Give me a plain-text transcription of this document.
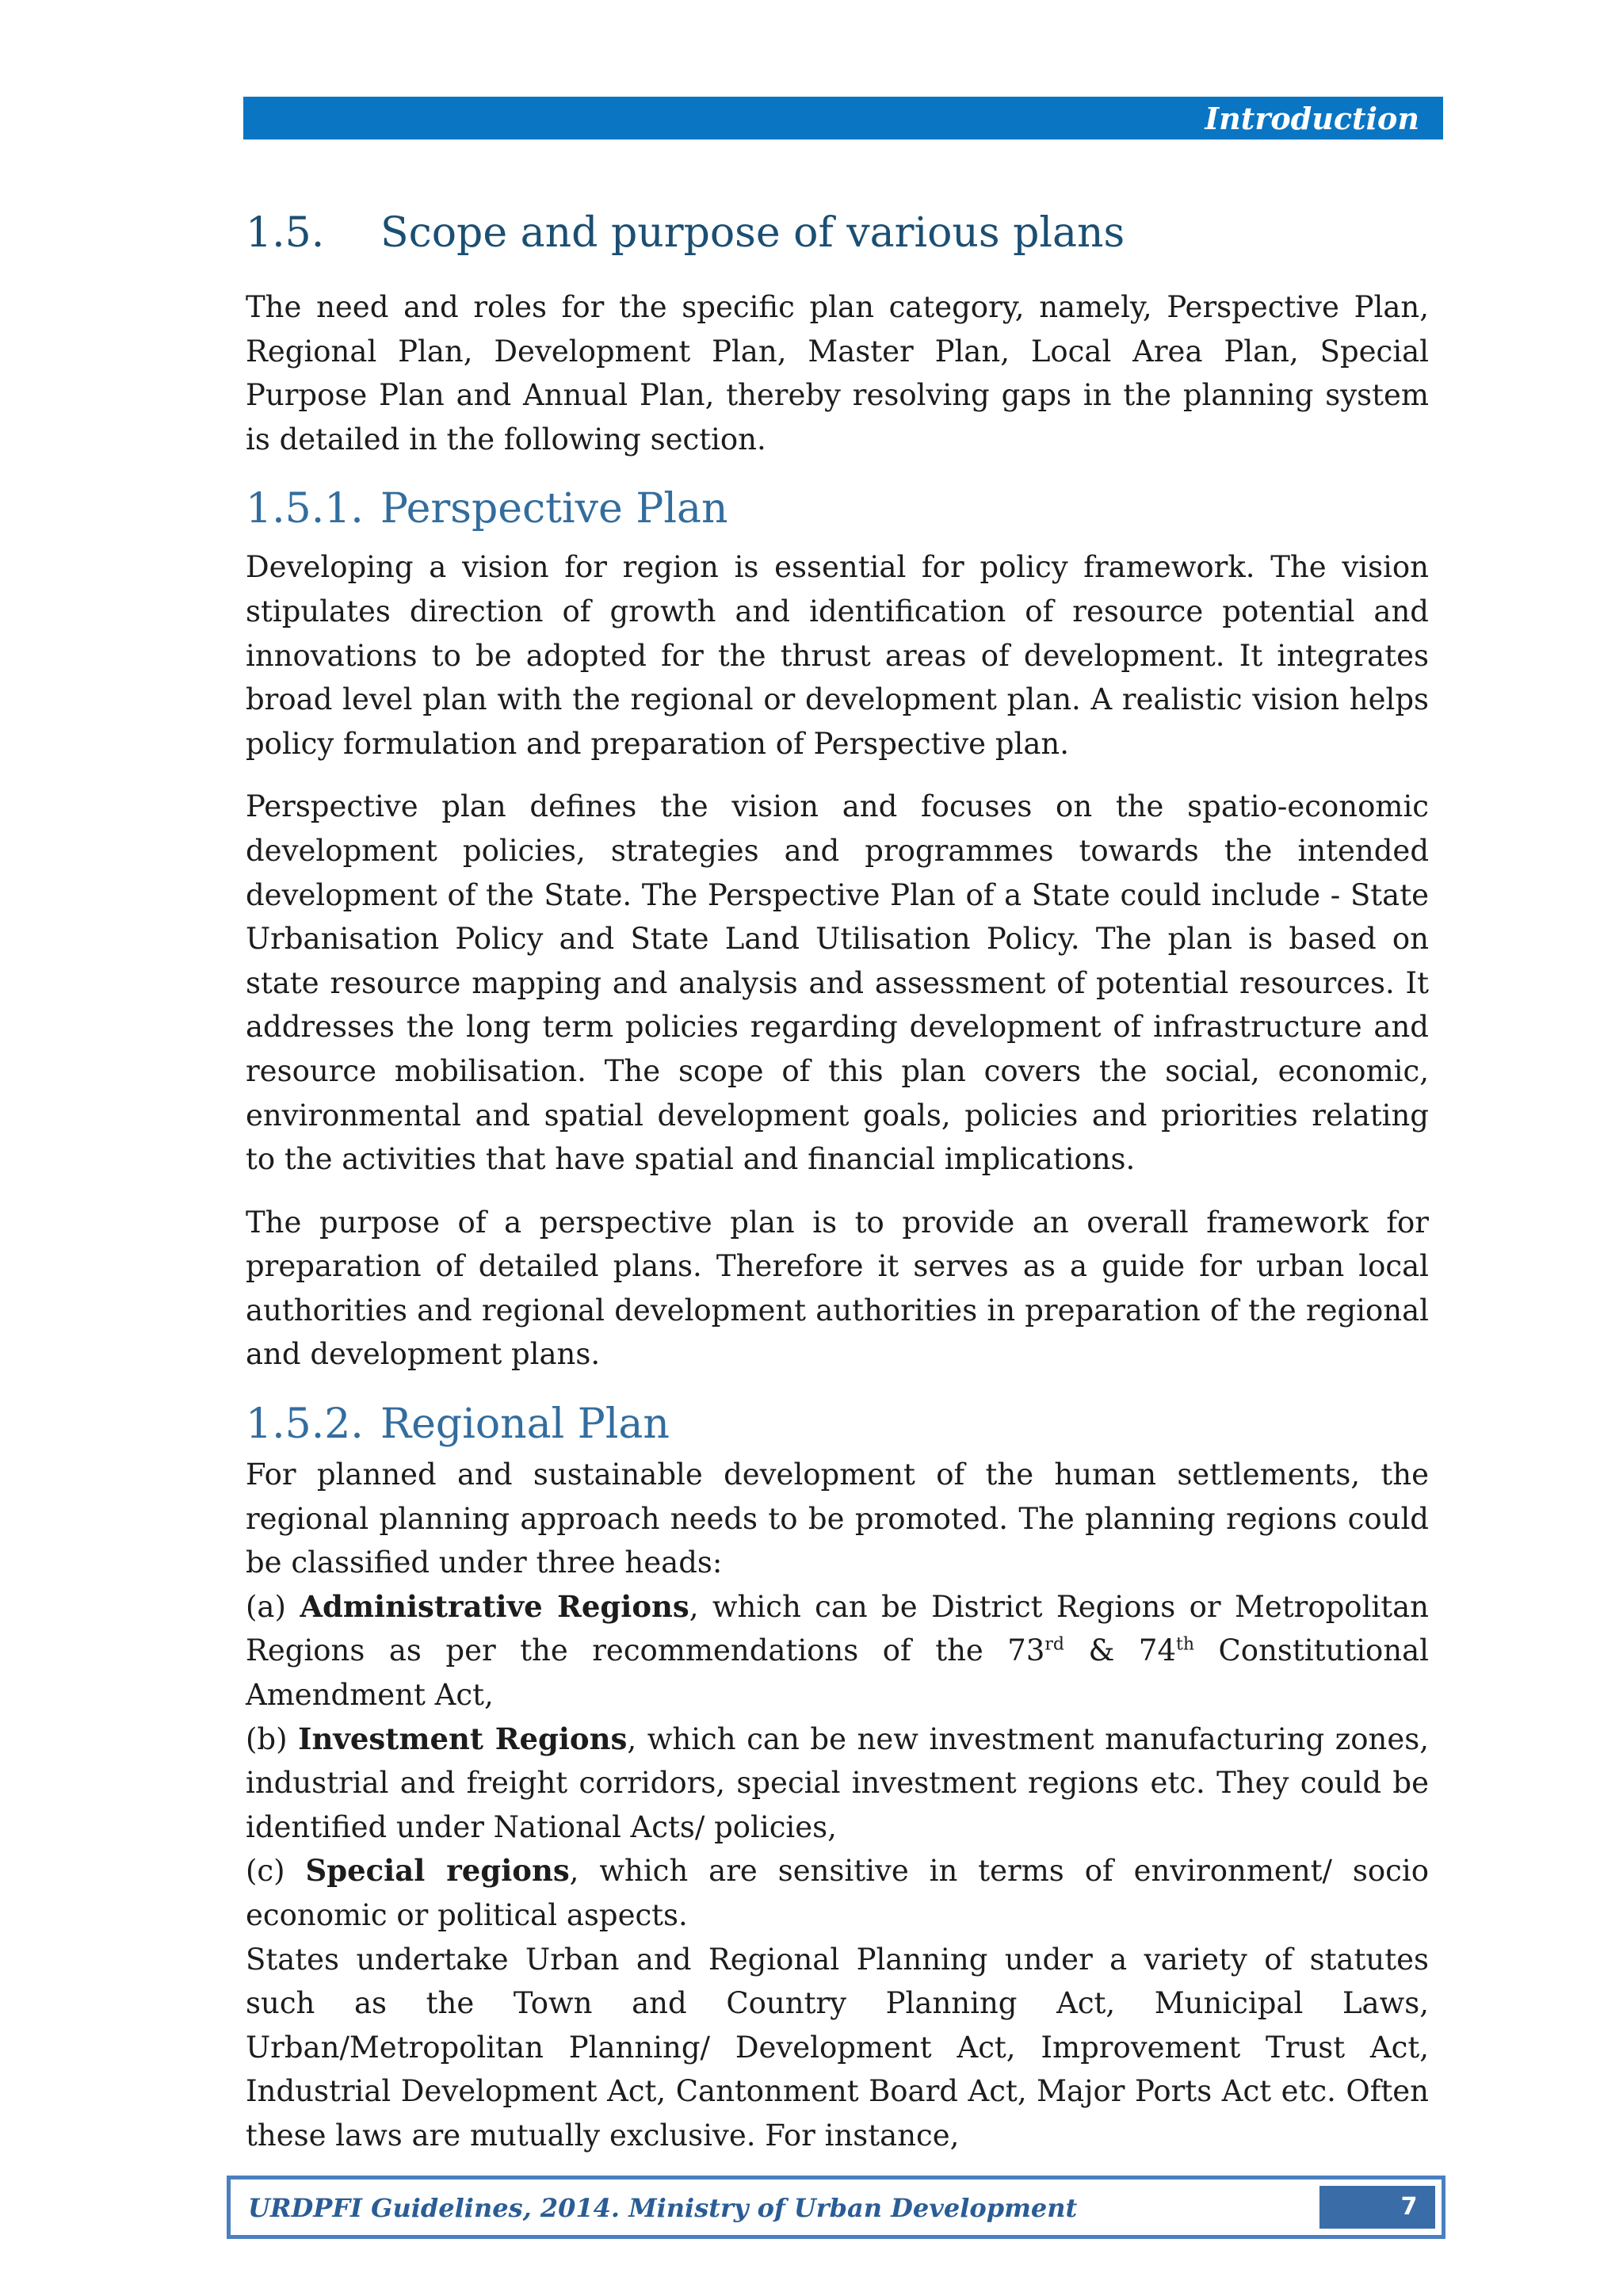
Introduction
1.5. Scope and purpose of various plans

The need and roles for the specific plan category, namely, Perspective Plan, Regional Plan, Development Plan, Master Plan, Local Area Plan, Special Purpose Plan and Annual Plan, thereby resolving gaps in the planning system is detailed in the following section.

1.5.1. Perspective Plan

Developing a vision for region is essential for policy framework. The vision stipulates direction of growth and identification of resource potential and innovations to be adopted for the thrust areas of development. It integrates broad level plan with the regional or development plan. A realistic vision helps policy formulation and preparation of Perspective plan.

Perspective plan defines the vision and focuses on the spatio-economic development policies, strategies and programmes towards the intended development of the State. The Perspective Plan of a State could include - State Urbanisation Policy and State Land Utilisation Policy. The plan is based on state resource mapping and analysis and assessment of potential resources. It addresses the long term policies regarding development of infrastructure and resource mobilisation. The scope of this plan covers the social, economic, environmental and spatial development goals, policies and priorities relating to the activities that have spatial and financial implications.

The purpose of a perspective plan is to provide an overall framework for preparation of detailed plans. Therefore it serves as a guide for urban local authorities and regional development authorities in preparation of the regional and development plans.

1.5.2. Regional Plan

For planned and sustainable development of the human settlements, the regional planning approach needs to be promoted. The planning regions could be classified under three heads:

(a) Administrative Regions, which can be District Regions or Metropolitan Regions as per the recommendations of the 73rd & 74th Constitutional Amendment Act,

(b) Investment Regions, which can be new investment manufacturing zones, industrial and freight corridors, special investment regions etc. They could be identified under National Acts/ policies,

(c) Special regions, which are sensitive in terms of environment/ socio economic or political aspects.

States undertake Urban and Regional Planning under a variety of statutes such as the Town and Country Planning Act, Municipal Laws, Urban/Metropolitan Planning/ Development Act, Improvement Trust Act, Industrial Development Act, Cantonment Board Act, Major Ports Act etc. Often these laws are mutually exclusive. For instance,

URDPFI Guidelines, 2014. Ministry of Urban Development	7
